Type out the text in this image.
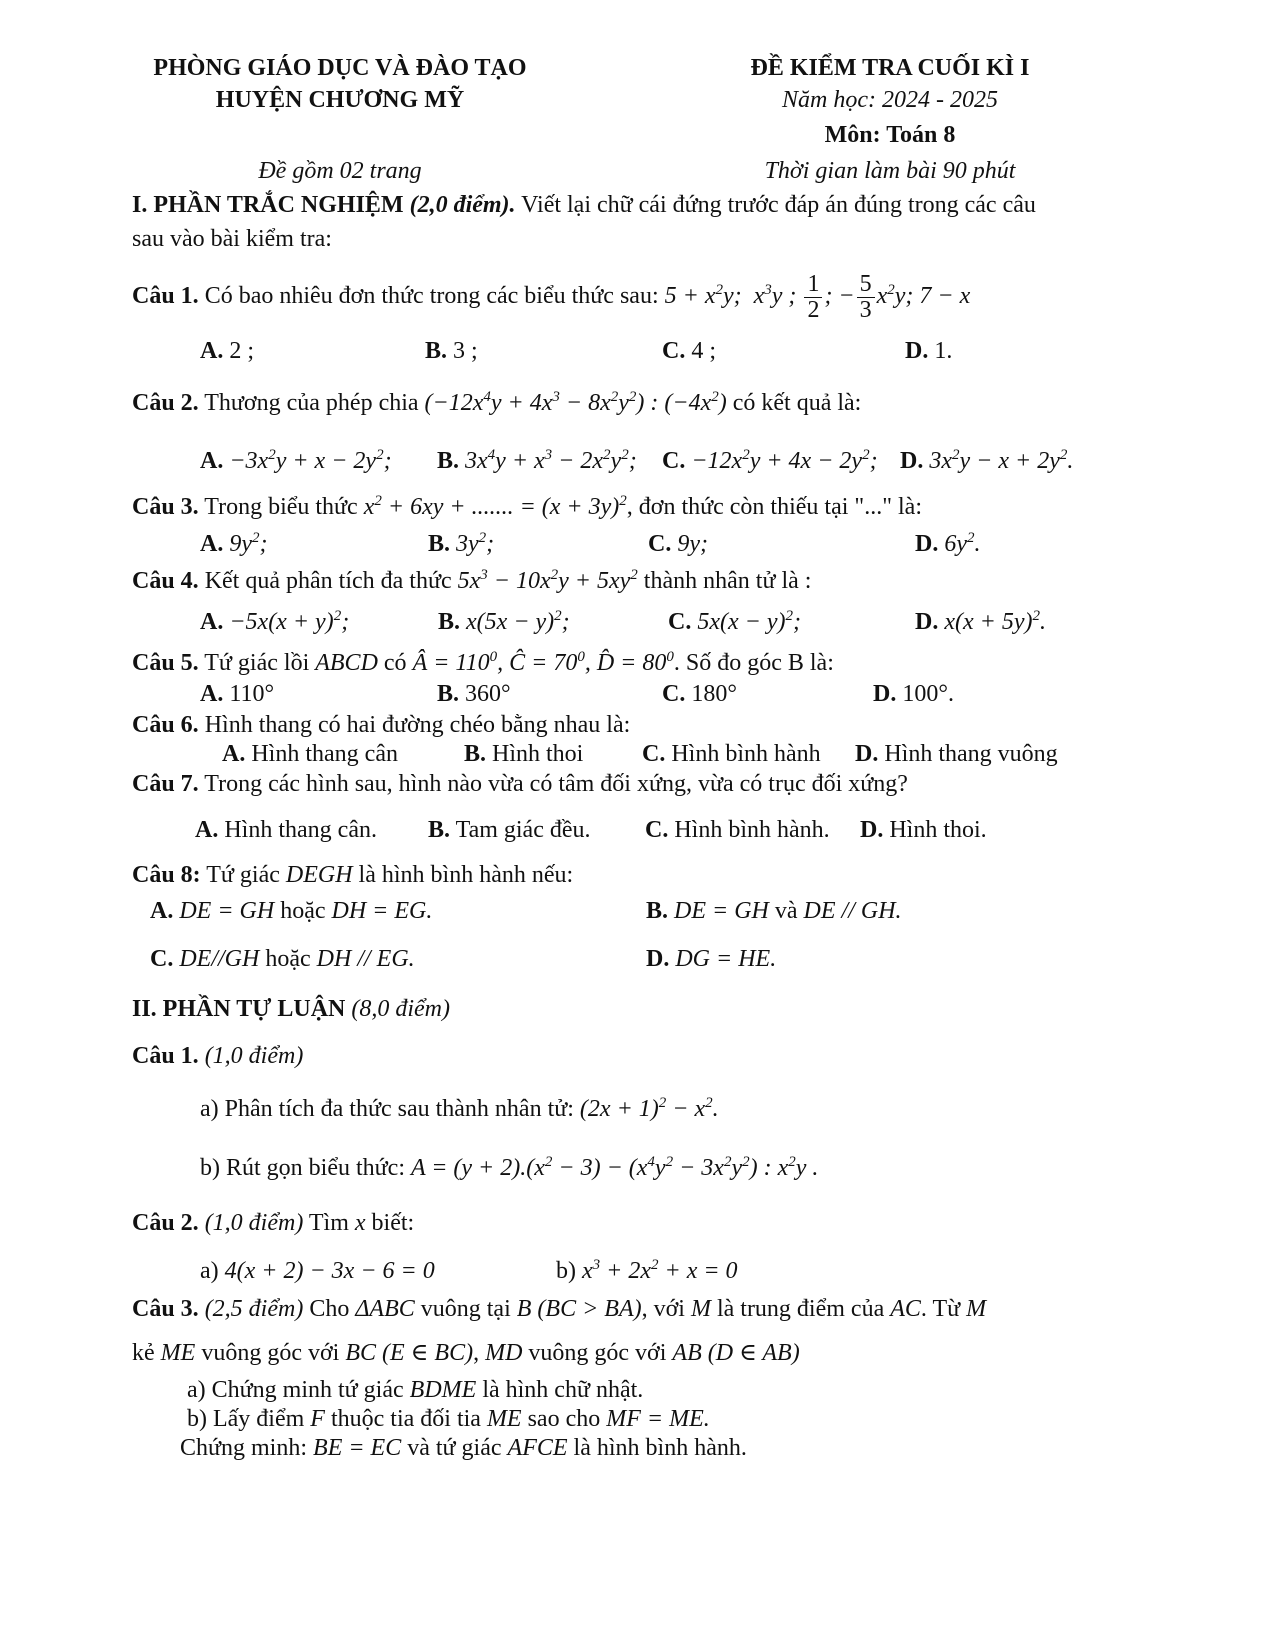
PHÒNG GIÁO DỤC VÀ ĐÀO TẠO
HUYỆN CHƯƠNG MỸ
ĐỀ KIỂM TRA CUỐI KÌ I
Năm học: 2024 - 2025
Môn: Toán 8
Đề gồm 02 trang	Thời gian làm bài 90 phút
I. PHẦN TRẮC NGHIỆM (2,0 điểm). Viết lại chữ cái đứng trước đáp án đúng trong các câu
sau vào bài kiểm tra:
Câu 1. Có bao nhiêu đơn thức trong các biểu thức sau: $5 + x^2y$;  $x^3y$ ; $\frac{1}{2}$ ; − $\frac{5}{3} x^2y$; 7 − x
A. 2 ;	B. 3 ;	C. 4 ;	D. 1.
Câu 2. Thương của phép chia $(-12x^4y + 4x^3 - 8x^2y^2)$ : $(-4x^2)$ có kết quả là:
A. $-3x^2y + x - 2y^2$; B. $3x^4y + x^3 - 2x^2y^2$; C. $-12x^2y + 4x - 2y^2$; D. $3x^2y - x + 2y^2$.
Câu 3. Trong biểu thức $x^2 + 6xy$ + ....... = $(x + 3y)^2$, đơn thức còn thiếu tại "..." là:
A. $9y^2$;	B. $3y^2$;	C. 9y;	D. $6y^2$.
Câu 4. Kết quả phân tích đa thức $5x^3 - 10x^2y + 5xy^2$ thành nhân tử là :
A. $-5x(x + y)^2$;	B. $x(5x - y)^2$;	C. $5x(x - y)^2$;	D. $x(x + 5y)^2$.
Câu 5. Tứ giác lồi ABCD có Â = $110^0$, Ĉ = $70^0$, D̂ = $80^0$. Số đo góc B là:
A. 110°	B. 360°	C. 180°	D. 100°.
Câu 6. Hình thang có hai đường chéo bằng nhau là:
A. Hình thang cân	B. Hình thoi C. Hình bình hành D. Hình thang vuông
Câu 7. Trong các hình sau, hình nào vừa có tâm đối xứng, vừa có trục đối xứng?
A. Hình thang cân. B. Tam giác đều. C. Hình bình hành. D. Hình thoi.
Câu 8: Tứ giác DEGH là hình bình hành nếu:
A. DE = GH hoặc DH = EG.	B. DE = GH và DE // GH.
C. DE//GH hoặc DH // EG.	D. DG = HE.
II. PHẦN TỰ LUẬN (8,0 điểm)
Câu 1. (1,0 điểm)
a) Phân tích đa thức sau thành nhân tử: $(2x + 1)^2 - x^2$.
b) Rút gọn biểu thức: $A = (y + 2).(x^2 - 3) - (x^4y^2 - 3x^2y^2)$ : $x^2y$ .
Câu 2. (1,0 điểm) Tìm x biết:
a) 4(x + 2) − 3x − 6 = 0	b) $x^3 + 2x^2 + x = 0$
Câu 3. (2,5 điểm) Cho ΔABC vuông tại B (BC > BA), với M là trung điểm của AC. Từ M
kẻ ME vuông góc với BC (E ∈ BC), MD vuông góc với AB (D ∈ AB)
a) Chứng minh tứ giác BDME là hình chữ nhật.
b) Lấy điểm F thuộc tia đối tia ME sao cho MF = ME.
Chứng minh: BE = EC và tứ giác AFCE là hình bình hành.
